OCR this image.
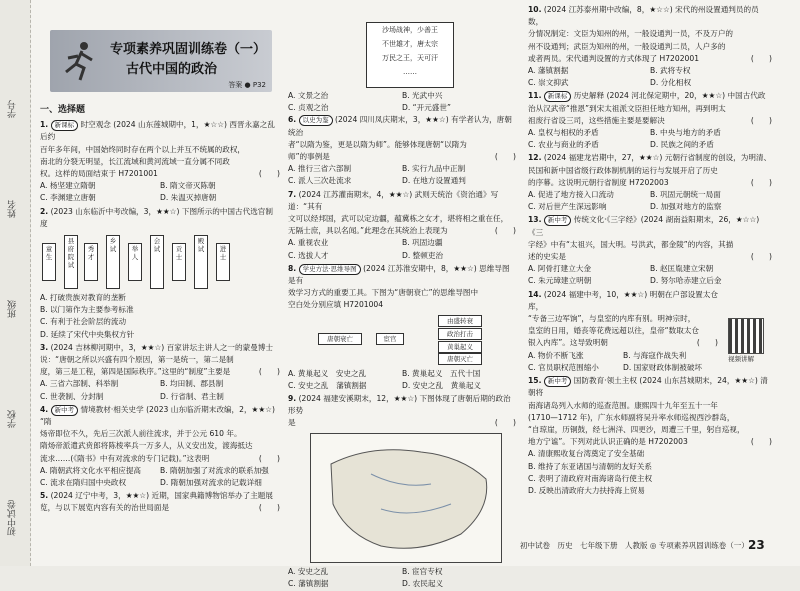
学号
姓名
班级
学校
初中试卷
专项素养巩固训练卷（一）
古代中国的政治
答案 ● P32
一、选择题
1. 新课标 时空观念 (2024 山东莲城期中，1，★☆☆) 西晋永嘉之乱后约
百年多年间，中国始终同时存在两个以上并互不统属的政权，
南北的分裂无明显，长江流域和黄河流域一直分属不同政
权。这样的局面结束于 H7201001	(　　)
A. 杨坚建立隋朝	B. 隋文帝灭陈朝
C. 李渊建立唐朝	D. 朱温灭掉唐朝
2. (2023 山东临沂中考改编，3，★★☆) 下图所示的中国古代选官制度
童生
县府院试
秀才
乡试	举人
会试	贡士
殿试	进士
A. 打破贵族对教育的垄断
B. 以门第作为主要参考标准
C. 有利于社会阶层的流动
D. 延续了宋代中央集权方针
3. (2024 吉林柳河期中，3，★★☆) 百家讲坛主讲人之一的蒙曼博士
说：“唐朝之所以兴盛有四个原因，第一是统一，第二是制
度，第三是工程，第四是国际秩序。”这里的“制度”主要是	(　　)
A. 三省六部制、科举制	B. 均田制、郡县制
C. 世袭制、分封制	D. 行省制、君主制
4. 新中考 情境教材·相关史学 (2023 山东临沂期末改编，2，★★☆) “隋
炀帝即位不久，先后三次派人前往流求，并于公元 610 年。
隋炀帝派遣武贲郎将陈棱率兵一万多人，从义安出发，渡海抵达
流求……(《隋书》中有对流求的专门记载)。”这表明	(　　)
A. 隋朝武将文化水平相应提高	B. 隋朝加强了对流求的联系加强
C. 流求在隋归国中央政权	D. 隋朝加强对流求的记载详细
5. (2024 辽宁中考，3，★★☆) 近期，国家典籍博物馆举办了主题展
览，与以下展览内容有关的治世局面是	(　　)
沙场战神，少善王
不世雄才，唐太宗
万民之王，天可汗
……
A. 文景之治	B. 光武中兴
C. 贞观之治	D. “开元盛世”
6. 以史为鉴 (2024 四川凤庆期末，3，★★☆) 有学者认为，唐朝统治
者“以隋为鉴，更是以隋为师”。能够体现唐朝“以隋为
师”的事例是	(　　)
A. 推行三省六部制	B. 实行九品中正制
C. 派人三次赴流求	D. 在地方设置通判
7. (2024 江苏灌南期末，4，★★☆) 武则天统治《资治通》写道：“其有
文可以经邦国，武可以定边疆，蕴冀栋之女才，堪将相之重在任，
无隔士庶，具以名闻。”此理念在其统治上表现为	(　　)
A. 重视农业	B. 巩固边疆
C. 选拔人才	D. 整顿吏治
8. 学史方法·思维导图 (2024 江苏淮安期中，8，★★☆) 思维导图是有
效学习方式的重要工具。下图为“唐朝衰亡”的思维导图中
空白处分别应填 H7201004
唐朝衰亡	宦官
由盛转衰
政治打击
黄巢起义
唐朝灭亡
A. 黄巢起义　安史之乱	B. 黄巢起义　五代十国
C. 安史之乱　藩镇割据	D. 安史之乱　黄巢起义
9. (2024 福建安溪期末，12，★★☆) 下图体现了唐朝后期的政治形势
是	(　　)
A. 安史之乱	B. 宦官专权
C. 藩镇割据	D. 农民起义
10. (2024 江苏泰州期中改编，8，★☆☆) 宋代的州设置通判员的员数，
分情况制定：文臣为知州的州，一般设通判一员，不及万户的
州不设通判；武臣为知州的州，一般设通判二员，人户多的
或者两员。宋代通判设置的方式体现了 H7202001	(　　)
A. 藩镇割据	B. 武将专权
C. 崇文抑武	D. 分化相权
11. 新课标 历史解释 (2024 河北保定期中，20，★★☆) 中国古代政
治从汉武帝“推恩”到宋太祖派文臣担任地方知州，再到明太
祖废行省设三司，这些措施主要是要解决	(　　)
A. 皇权与相权的矛盾	B. 中央与地方的矛盾
C. 农业与商业的矛盾	D. 民族之间的矛盾
12. (2024 福建龙岩期中，27，★★☆) 元朝行省制度的创设，为明清、
民国和新中国省级行政体制机制的运行与发展开启了历史
的序幕。这说明元朝行省制度 H7202003	(　　)
A. 促进了地方接入口流动	B. 巩固元朝统一局面
C. 对后世产生深远影响	D. 加强对地方的监察
13. 新中考 传统文化·《三字经》(2024 湖南益阳期末，26，★☆☆)《三
字经》中有“太祖兴，国大明。号洪武，都金陵”的内容，其描
述的史实是	(　　)
A. 阿骨打建立大金	B. 赵匡胤建立宋朝
C. 朱元璋建立明朝	D. 努尔哈赤建立后金
14. (2024 福建中考，10，★★☆) 明朝在户部设置太仓库，
“专备三边军饷”，与皇室的内库有别。明神宗时，
皇室的日用，婚丧等花费远超以往，皇帝“数取太仓
银入内库”。这导致明朝	(　　)
A. 物价不断飞涨	B. 与海寇作战失利
C. 官员职权范围缩小	D. 国家财政体制被破坏
15. 新中考 国防教育·领土主权 (2024 山东莒城期末，24，★★☆) 清朝将
南海诸岛列入水师的巡查范围。康熙四十九年至五十一年
(1710—1712 年)，广东水师副将吴升率水师巡视西沙群岛，
“自琼崖，历铜鼓，经七洲洋、四更沙，周遭三千里，躬自巡视，
地方宁谧”。下列对此认识正确的是 H7202003	(　　)
A. 清康熙收复台湾奠定了安全基础
B. 维持了东亚诸国与清朝的友好关系
C. 表明了清政府对南海诸岛行使主权
D. 反映出清政府大力扶持海上贸易
视频讲解
初中试卷　历史　七年级下册　人教版 ◎ 专项素养巩固训练卷（一） 23
